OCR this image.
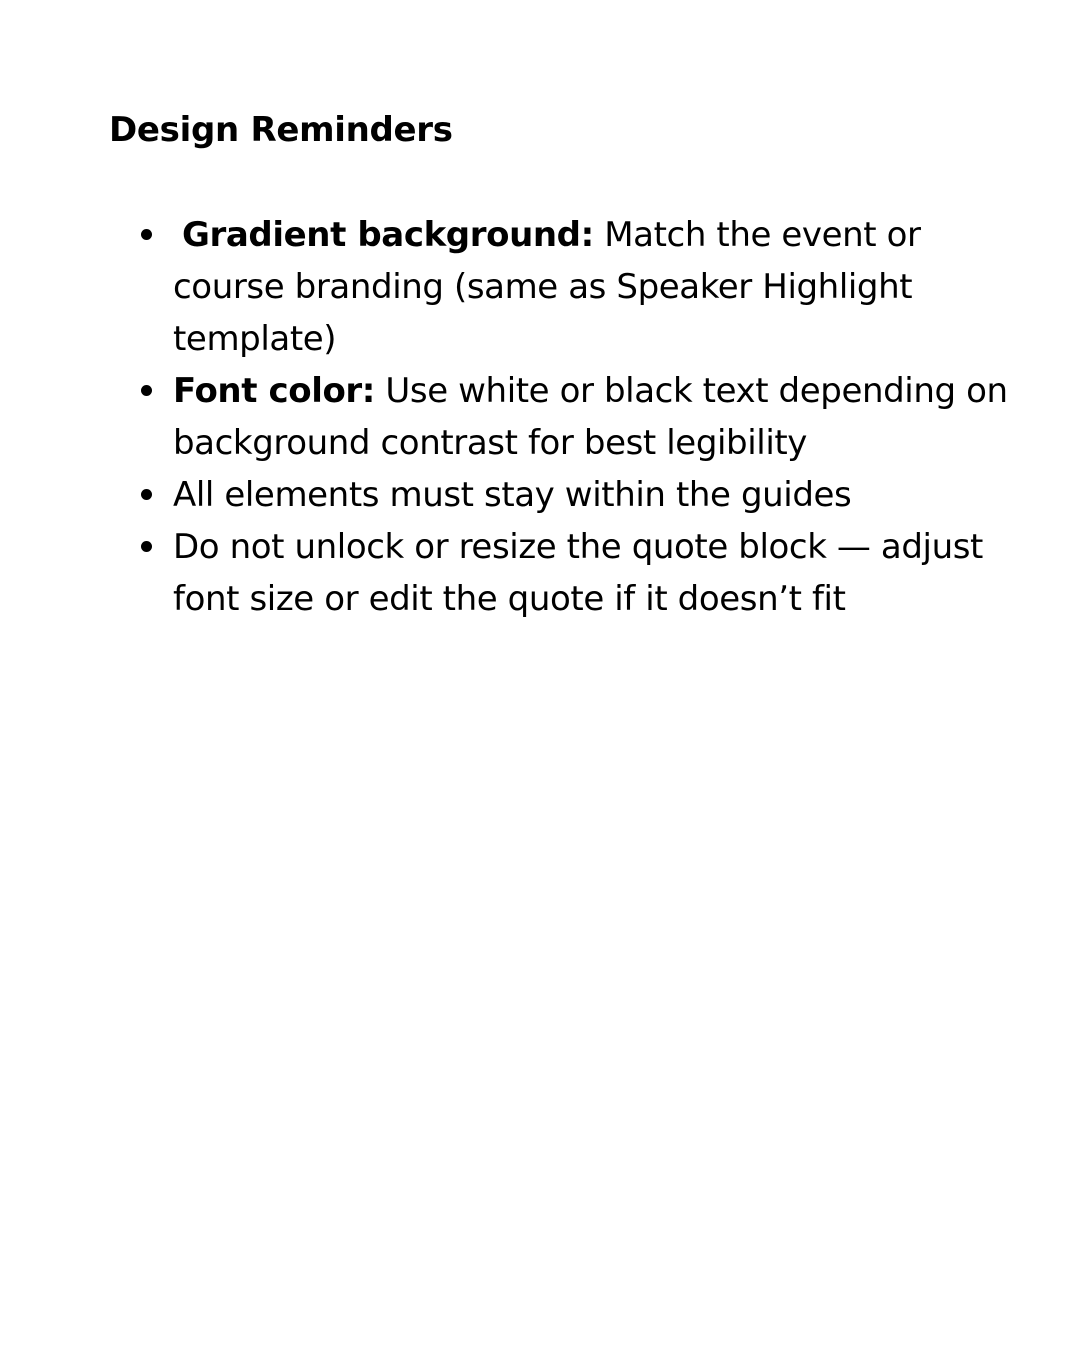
Design Reminders
Gradient background: Match the event or course branding (same as Speaker Highlight template)
Font color: Use white or black text depending on background contrast for best legibility
All elements must stay within the guides
Do not unlock or resize the quote block — adjust font size or edit the quote if it doesn’t fit
